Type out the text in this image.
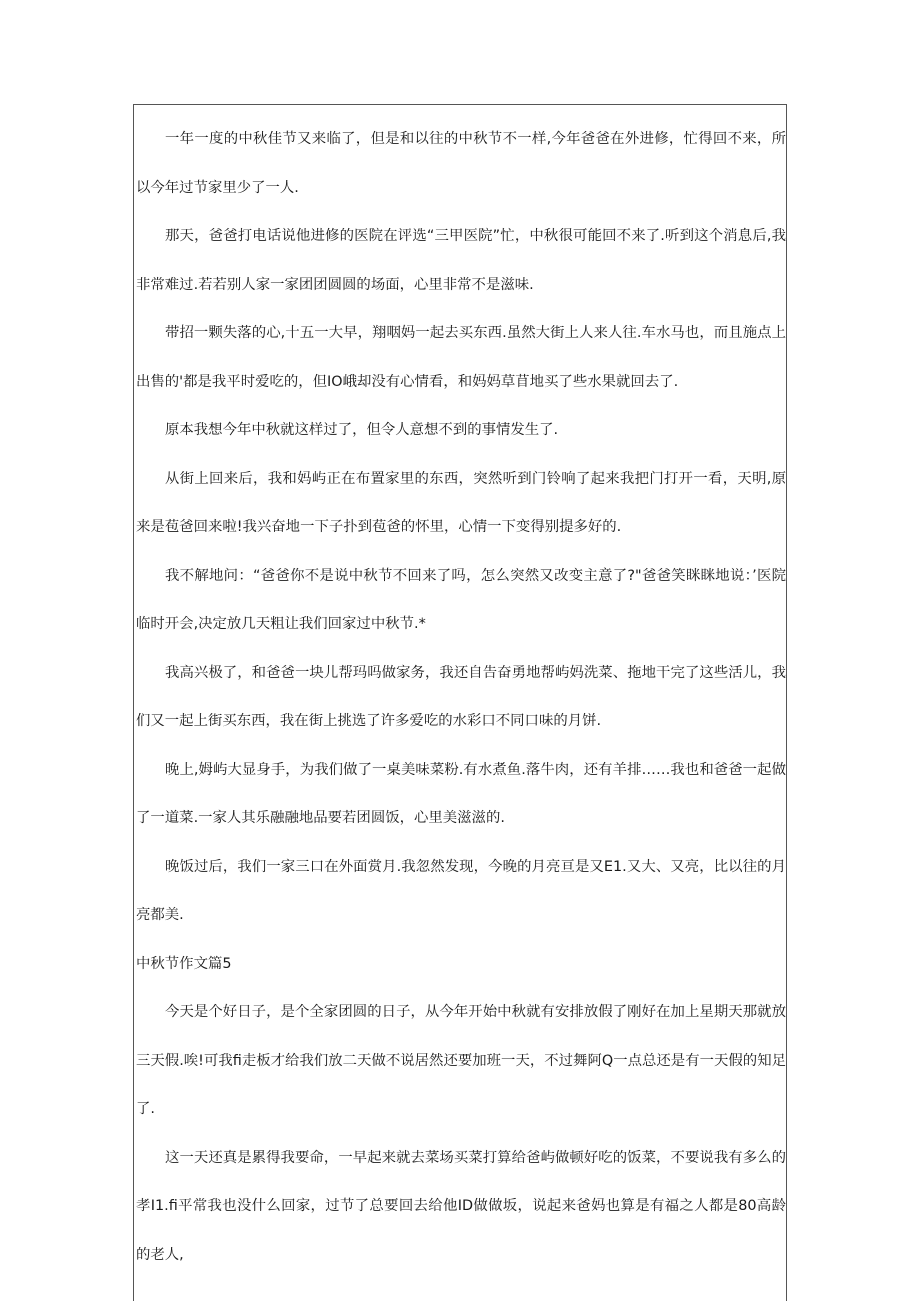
一年一度的中秋佳节又来临了，但是和以往的中秋节不一样,今年爸爸在外进修，忙得回不来，所以今年过节家里少了一人.

那天，爸爸打电话说他进修的医院在评选“三甲医院”忙，中秋很可能回不来了.听到这个消息后,我非常难过.若若别人家一家团团圆圆的场面，心里非常不是滋味.

带招一颗失落的心,十五一大早，翔咽妈一起去买东西.虽然大街上人来人往.车水马也，而且施点上出售的'都是我平时爱吃的，但IO峨却没有心情看，和妈妈草苜地买了些水果就回去了.

原本我想今年中秋就这样过了，但令人意想不到的事情发生了.

从街上回来后，我和妈屿正在布置家里的东西，突然听到门铃响了起来我把门打开一看，天明,原来是苞爸回来啦!我兴奋地一下子扑到苞爸的怀里，心情一下变得别提多好的.

我不解地问：“爸爸你不是说中秋节不回来了吗，怎么突然又改变主意了?"爸爸笑眯眯地说：’医院临时开会,决定放几天粗让我们回家过中秋节.*

我高兴极了，和爸爸一块儿帮玛吗做家务，我还自告奋勇地帮屿妈洗菜、拖地干完了这些活儿，我们又一起上街买东西，我在街上挑选了许多爱吃的水彩口不同口味的月饼.

晚上,姆屿大显身手，为我们做了一桌美味菜粉.有水煮鱼.落牛肉，还有羊排……我也和爸爸一起做了一道菜.一家人其乐融融地品要若团圆饭，心里美滋滋的.

晚饭过后，我们一家三口在外面赏月.我忽然发现，今晚的月亮亘是又E1.又大、又亮，比以往的月亮都美.

中秋节作文篇5

今天是个好日子，是个全家团圆的日子，从今年开始中秋就有安排放假了刚好在加上星期天那就放三天假.唉!可我fi走板才给我们放二天做不说居然还要加班一天，不过舞阿Q一点总还是有一天假的知足了.

这一天还真是累得我要命，一早起来就去菜场买菜打算给爸屿做顿好吃的饭菜，不要说我有多么的孝I1.fi平常我也没什么回家，过节了总要回去给他ID做做坂，说起来爸妈也算是有福之人都是80高龄的老人,
